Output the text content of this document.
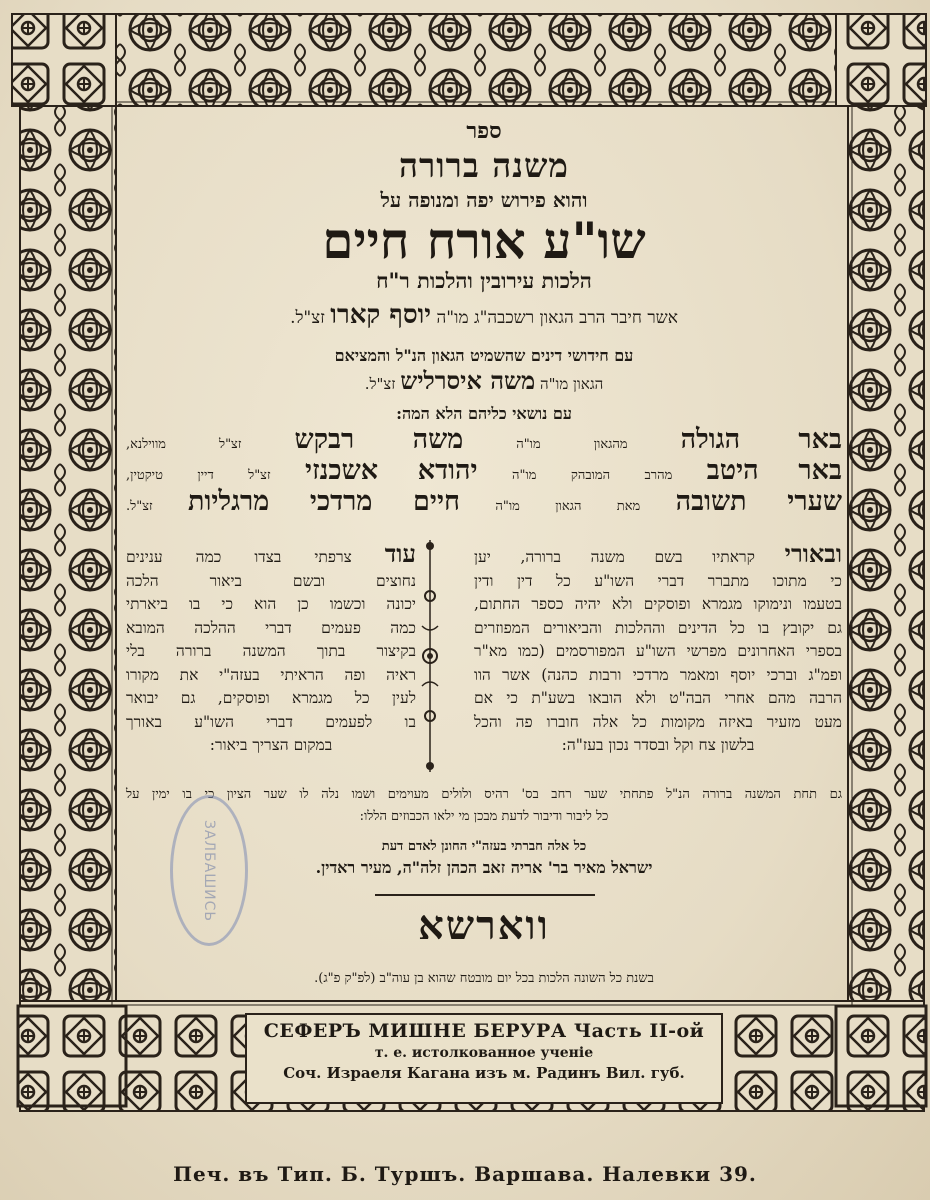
ספר
משנה ברורה
והוא פירוש יפה ומנופה על
שו"ע אורח חיים
הלכות עירובין והלכות ר"ח
אשר חיבר הרב הגאון רשכבה"ג מו"ה יוסף קארו זצ"ל.
עם חידושי דינים שהשמיט הגאון הנ"ל והמציאם
הגאון מו"ה משה איסרליש זצ"ל.
עם נושאי כליהם הלא המה:
באר הגולה מהגאון מו"ה משה רבקש זצ"ל מווילנא,
באר היטב מהרב המובהק מו"ה יהודא אשכנזי זצ"ל דיין טיקטין,
שערי תשובה מאת הגאון מו"ה חיים מרדכי מרגליות זצ"ל.
ובאורי קראתיו בשם משנה ברורה, יען
כי מתוכו מתברר דברי השו"ע כל דין ודין
בטעמו ונימוקו מגמרא ופוסקים ולא יהיה כספר החתום,
גם יקובץ בו כל הדינים וההלכות והביאורים המפוזרים
בספרי האחרונים מפרשי השו"ע המפורסמים (כמו מא"ר
ופמ"ג וברכי יוסף ומאמר מרדכי ורבות כהנה) אשר הוו
הרבה מהם אחרי הבה"ט ולא הובאו בשע"ת כי אם
מעט מזעיר באיזה מקומות כל אלה חוברו פה והכל
בלשון צח וקל ובסדר נכון בעז"ה:
עוד צרפתי בצדו כמה ענינים
נחוצים ובשם ביאור הלכה
יכונה וכשמו כן הוא כי בו ביארתי
כמה פעמים דברי ההלכה המובא
בקיצור בתוך המשנה ברורה בלי
ראיה ופה הראיתי בעזה"י את מקורו
לעין כל מגמרא ופוסקים, גם יבואר
בו לפעמים דברי השו"ע באורך
במקום הצריך ביאור:
גם תחת המשנה ברורה הנ"ל פתחתי שער רחב בס' רהיס ולולים מעוימים ושמו נלה לו שער הציון כי בו ימין על
כל ליבור ודיבור לדעת מבכן מי ילאו הכבוזים הללו:
כל אלה חברתי בעזה"י החונן לאדם דעת
ישראל מאיר בר' אריה זאב הכהן זלה"ה, מעיר ראדין.
ווארשא
בשנת כל השונה הלכות בכל יום מובטח שהוא בן עוה"ב (לפ"ק פ"ג).
ЗАЛБАШИСЬ
СЕФЕРЪ МИШНЕ БЕРУРА Часть II-ой
т. е. истолкованное ученіе
Соч. Израеля Кагана изъ м. Радинъ Вил. губ.
Печ. въ Тип. Б. Туршъ. Варшава. Налевки 39.
